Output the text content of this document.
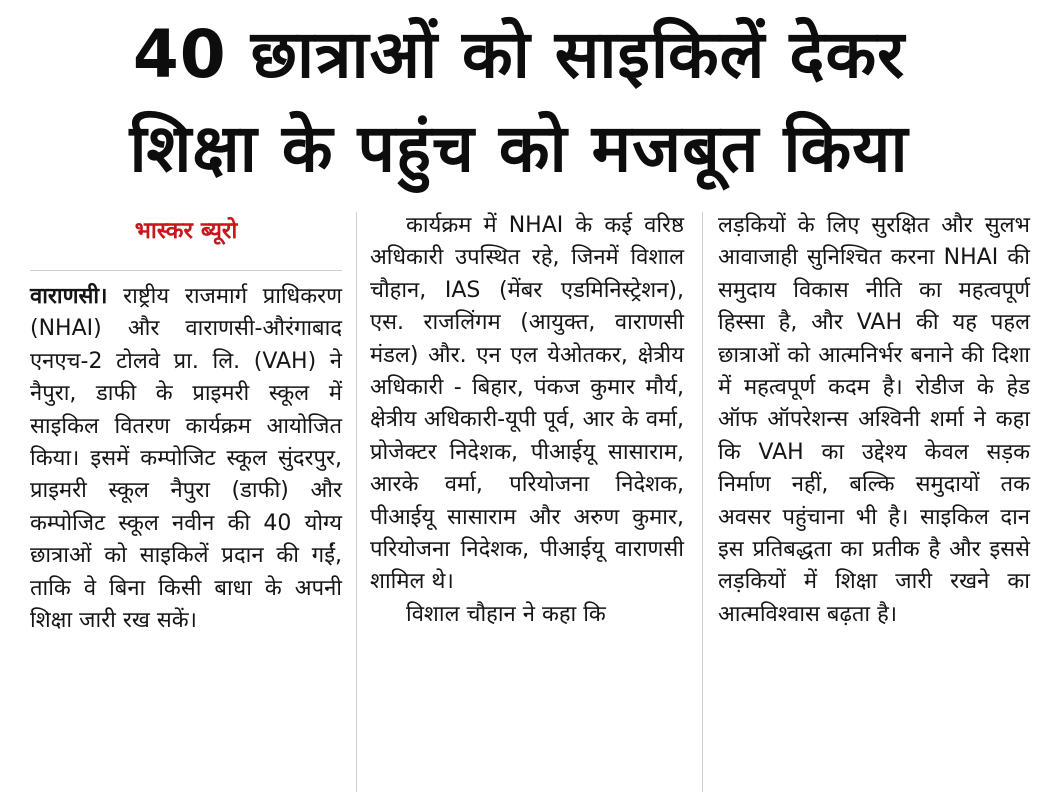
40 छात्राओं को साइकिलें देकर
शिक्षा के पहुंच को मजबूत किया
भास्कर ब्यूरो

वाराणसी। राष्ट्रीय राजमार्ग प्राधिकरण (NHAI) और वाराणसी-औरंगाबाद एनएच-2 टोलवे प्रा. लि. (VAH) ने नैपुरा, डाफी के प्राइमरी स्कूल में साइकिल वितरण कार्यक्रम आयोजित किया। इसमें कम्पोजिट स्कूल सुंदरपुर, प्राइमरी स्कूल नैपुरा (डाफी) और कम्पोजिट स्कूल नवीन की 40 योग्य छात्राओं को साइकिलें प्रदान की गईं, ताकि वे बिना किसी बाधा के अपनी शिक्षा जारी रख सकें।

कार्यक्रम में NHAI के कई वरिष्ठ अधिकारी उपस्थित रहे, जिनमें विशाल चौहान, IAS (मेंबर एडमिनिस्ट्रेशन), एस. राजलिंगम (आयुक्त, वाराणसी मंडल) और. एन एल येओतकर, क्षेत्रीय अधिकारी - बिहार, पंकज कुमार मौर्य, क्षेत्रीय अधिकारी-यूपी पूर्व, आर के वर्मा, प्रोजेक्टर निदेशक, पीआईयू सासाराम, आरके वर्मा, परियोजना निदेशक, पीआईयू सासाराम और अरुण कुमार, परियोजना निदेशक, पीआईयू वाराणसी शामिल थे।

विशाल चौहान ने कहा कि

लड़कियों के लिए सुरक्षित और सुलभ आवाजाही सुनिश्चित करना NHAI की समुदाय विकास नीति का महत्वपूर्ण हिस्सा है, और VAH की यह पहल छात्राओं को आत्मनिर्भर बनाने की दिशा में महत्वपूर्ण कदम है। रोडीज के हेड ऑफ ऑपरेशन्स अश्विनी शर्मा ने कहा कि VAH का उद्देश्य केवल सड़क निर्माण नहीं, बल्कि समुदायों तक अवसर पहुंचाना भी है। साइकिल दान इस प्रतिबद्धता का प्रतीक है और इससे लड़कियों में शिक्षा जारी रखने का आत्मविश्वास बढ़ता है।
